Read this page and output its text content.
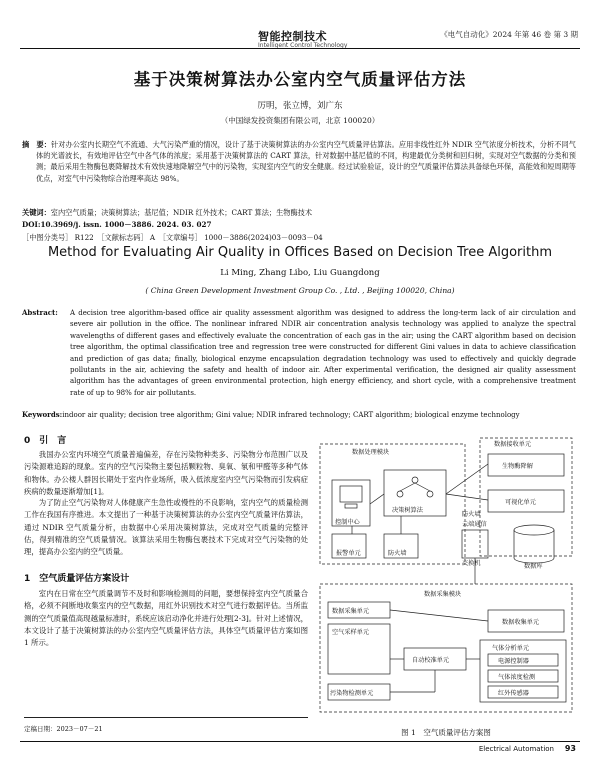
智能控制技术
Intelligent Control Technology
《电气自动化》2024 年第 46 卷 第 3 期
基于决策树算法办公室内空气质量评估方法
厉明，张立博，刘广东
（中国绿发投资集团有限公司，北京 100020）
摘　要：针对办公室内长期空气不流通、大气污染严重的情况，设计了基于决策树算法的办公室内空气质量评估算法。应用非线性红外 NDIR 空气浓度分析技术，分析不同气体的光谱波长，有效地评估空气中各气体的浓度；采用基于决策树算法的 CART 算法，针对数据中基尼值的不同，构建最优分类树和回归树，实现对空气数据的分类和预测；最后采用生物酶包裹降解技术有效快速地降解空气中的污染物，实现室内空气的安全健康。经过试验验证，设计的空气质量评估算法具备绿色环保，高能效和短周期等优点，对室气中污染物综合治理率高达 98%。
关键词：室内空气质量；决策树算法；基尼值；NDIR 红外技术；CART 算法；生物酶技术
DOI:10.3969/j. issn. 1000－3886. 2024. 03. 027
［中图分类号］ R122　［文献标志码］ A　［文章编号］ 1000－3886(2024)03－0093－04
Method for Evaluating Air Quality in Offices Based on Decision Tree Algorithm
Li Ming, Zhang Libo, Liu Guangdong
( China Green Development Investment Group Co. , Ltd. , Beijing 100020, China)
Abstract: A decision tree algorithm-based office air quality assessment algorithm was designed to address the long-term lack of air circulation and severe air pollution in the office. The nonlinear infrared NDIR air concentration analysis technology was applied to analyze the spectral wavelengths of different gases and effectively evaluate the concentration of each gas in the air; using the CART algorithm based on decision tree algorithm, the optimal classification tree and regression tree were constructed for different Gini values in data to achieve classification and prediction of gas data; finally, biological enzyme encapsulation degradation technology was used to effectively and quickly degrade pollutants in the air, achieving the safety and health of indoor air. After experimental verification, the designed air quality assessment algorithm has the advantages of green environmental protection, high energy efficiency, and short cycle, with a comprehensive treatment rate of up to 98% for air pollutants.
Keywords:indoor air quality; decision tree algorithm; Gini value; NDIR infrared technology; CART algorithm; biological enzyme technology
0　引　言
我国办公室内环境空气质量普遍偏差，存在污染物种类多、污染物分布范围广以及污染源难追踪的现象。室内的空气污染物主要包括颗粒物、臭氧、氡和甲醛等多种气体和物体。办公楼人群因长期处于室内作业场所，吸入低浓度室内空气污染物而引发病症疾病的数量逐渐增加[1]。
为了防止空气污染物对人体健康产生急性或慢性的不良影响，室内空气的质量检测工作在我国有序推进。本文提出了一种基于决策树算法的办公室内空气质量评估算法，通过 NDIR 空气质量分析，由数据中心采用决策树算法，完成对空气质量的完整评估，得到精准的空气质量情况。该算法采用生物酶包裹技术下完成对空气污染物的处理，提高办公室内的空气质量。
1　空气质量评估方案设计
室内在日常在空气质量调节不及时和影响检测局的问题，要想保持室内空气质量合格，必须不间断地收集室内的空气数据，用红外识别技术对空气进行数据评估。当所监测的空气质量值高现越量标准时，系统应该启动净化并进行处理[2-3]。针对上述情况，本文设计了基于决策树算法的办公室内空气质量评估方法，具体空气质量评估方案如图 1 所示。
定稿日期：2023－07－21
数据处理模块
控制中心
决策树算法
报警单元	防火墙
数据接收单元
生物酶降解
可视化单元
防火墙
云端通信
交换机	数据库
数据采集模块
数据采集单元
空气采样单元
污染物检测单元
自动校准单元
数据收集单元
气体分析单元
电源控制器
气体浓度检测
红外传感器
图 1　空气质量评估方案图
Electrical Automation 93
